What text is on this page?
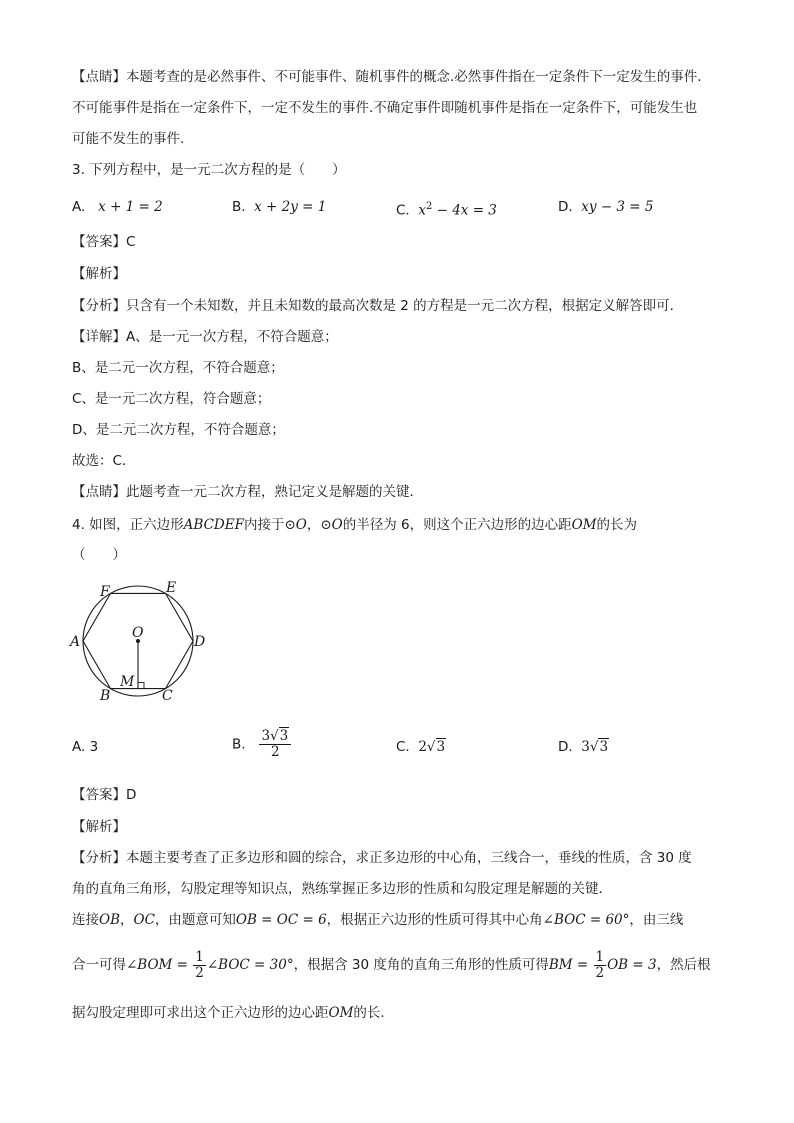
【点睛】本题考查的是必然事件、不可能事件、随机事件的概念.必然事件指在一定条件下一定发生的事件.
不可能事件是指在一定条件下，一定不发生的事件.不确定事件即随机事件是指在一定条件下，可能发生也
可能不发生的事件.
3. 下列方程中，是一元二次方程的是（　　）
A. x + 1 = 2	B. x + 2y = 1	C. $x^2 - 4x = 3$	D. xy − 3 = 5
【答案】C
【解析】
【分析】只含有一个未知数，并且未知数的最高次数是 2 的方程是一元二次方程，根据定义解答即可．
【详解】A、是一元一次方程，不符合题意；
B、是二元一次方程，不符合题意；
C、是一元二次方程，符合题意；
D、是二元二次方程，不符合题意；
故选：C．
【点睛】此题考查一元二次方程，熟记定义是解题的关键．
4. 如图，正六边形ABCDEF内接于⊙O，⊙O的半径为 6，则这个正六边形的边心距OM的长为
（　　）
A
B	C
D
E
F
O
M
A. 3	B. $\frac{3√3}{2}$	C. 2√3	D. 3√3
【答案】D
【解析】
【分析】本题主要考查了正多边形和圆的综合，求正多边形的中心角，三线合一，垂线的性质，含 30 度
角的直角三角形，勾股定理等知识点，熟练掌握正多边形的性质和勾股定理是解题的关键．
连接OB，OC，由题意可知OB = OC = 6，根据正六边形的性质可得其中心角∠BOC = 60°，由三线
合一可得∠BOM = $\frac{1}{2}$ ∠BOC = 30°，根据含 30 度角的直角三角形的性质可得BM = $\frac{1}{2}$ OB = 3，然后根
据勾股定理即可求出这个正六边形的边心距OM的长．
